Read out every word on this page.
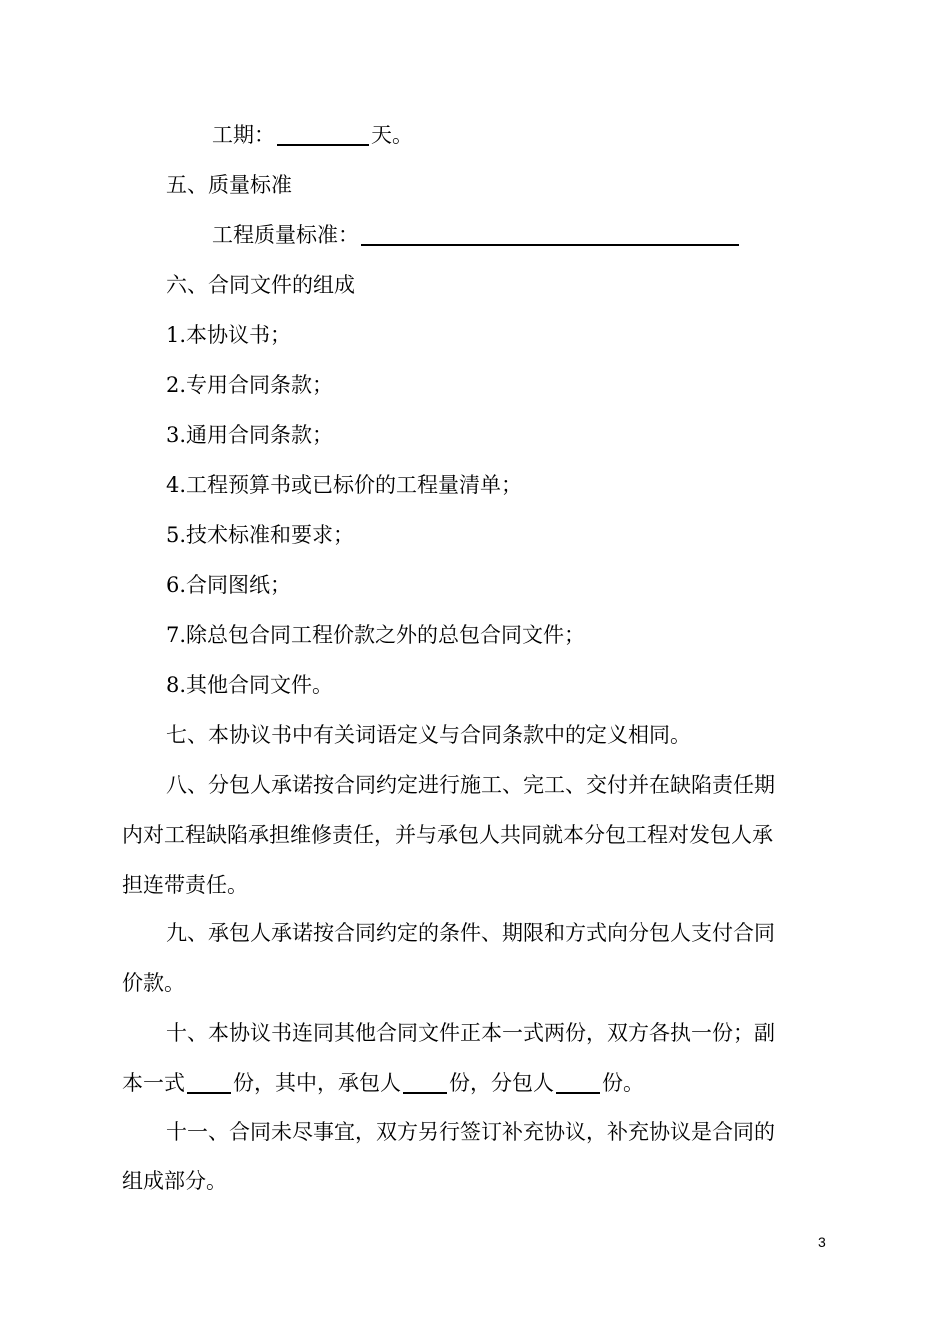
工期：	天。
五、质量标准
工程质量标准：
六、合同文件的组成
1.本协议书；
2.专用合同条款；
3.通用合同条款；
4.工程预算书或已标价的工程量清单；
5.技术标准和要求；
6.合同图纸；
7.除总包合同工程价款之外的总包合同文件；
8.其他合同文件。
七、本协议书中有关词语定义与合同条款中的定义相同。
八、分包人承诺按合同约定进行施工、完工、交付并在缺陷责任期
内对工程缺陷承担维修责任，并与承包人共同就本分包工程对发包人承
担连带责任。
九、承包人承诺按合同约定的条件、期限和方式向分包人支付合同
价款。
十、本协议书连同其他合同文件正本一式两份，双方各执一份；副
本一式 份，其中，承包人 份，分包人 份。
十一、合同未尽事宜，双方另行签订补充协议，补充协议是合同的
组成部分。
3
